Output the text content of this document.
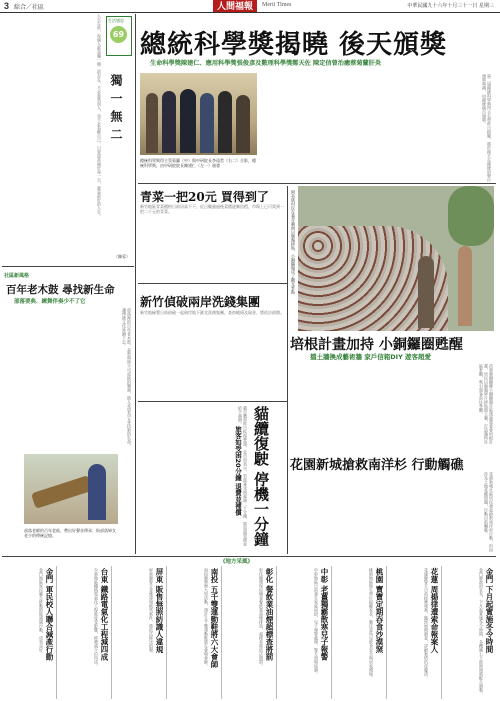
3 綜合／社區	人間福報	Merit Times	中華民國九十六年十月三十一日 星期三
人生在世，每個人都是獨一無二的存在，不必羨慕別人，也不必看輕自己。只要認真過好每一天，就是最好的人生。 生活感思
69
獨一無二
（陳蓉）
總統科學獎揭曉 後天頒獎
生命科學獎陳建仁、應用科學獎張俊彥及數理科學獎鄭天佐 陳定信曾治癒蔡菊蘭肝炎
總統科學獎得主蔡菊蘭（中）與中研院長李遠哲（右二）合影，總統科學獎，由中研院院長陳建仁（左一）頒發	第二屆總統科學獎得主名單昨日揭曉，將於後天在總統府舉行頒獎典禮，由總統親自頒獎。
青菜一把20元 買得到了
新竹地區青菜價格日前居高不下，近日颱風過後菜價逐漸回穩，市場上已可買到一把二十元的青菜。	阿美族村民在巷弄牆面以碗盤拼貼，小銅鑼圈成了觀光景點
培根計畫加持 小銅鑼圈甦醒
擋土牆換成藝術牆 家戶信箱DIY 遊客超愛
苗栗縣銅鑼鄉小銅鑼圈社區透過農委會培根計畫，居民以碗盤碎片拼貼擋土牆，打造獨特社區景觀，吸引遊客前往參觀。
新竹偵破兩岸洗錢集團
新竹地檢署日前偵破一起兩岸地下匯兌洗錢集團，查扣帳冊及現金，將依法偵辦。
社區新風格
百年老木鼓 尋找新生命
部落要典．練舞伴奏少不了它
部落裡的百年老木鼓，是祭典時不可或缺的樂器，族人希望為它尋找新的生命，讓傳統文化延續下去。
部落老師的百年老鼓，帶出好聲音傳承；盼部落婦女老少的傳統記憶。	貓空纜車昨日恢復營運，北市府表示，若旅客受困超過二十分鐘，將退還票價並給予補償。 貓纜復駛 停機一分鐘
旅客如受困20分鐘 退費並補償	花園新城搶救南洋杉 行動觸礁
花園新城社區居民發起搶救南洋杉行動，但因涉及土地產權問題，行動目前觸礁。
《地方采風》
金門 下月起實施冬令時間
金門縣政府宣布，下月起實施冬令時間，各機關上下班時間將配合調整。
花蓮 周揚律遭索命報案人
花蓮縣警方日前接獲報案，隨即展開調查，詳細案情仍待釐清。
桃園 寶寶定期吞食沙漠窯
桃園地區衛生單位提醒家長，應注意幼兒飲食安全與居家環境。
中彰 老薑獨霸散寒兒子報警
中彰地區日前發生家庭糾紛，兒子報警處理，警方到場協調。
彰化 餐飲業油煙超標查將罰
彰化縣環保局稽查餐飲業油煙排放，超標者將依法開罰。
南投 五千雙運動鞋將六大會師
南投縣舉辦大型活動，預計五千雙運動鞋將在會場會師。
屏東 販售無照紡識人違規
屏東縣警方查獲違規販售案件，將依法移送偵辦。
台東 鐵路電氣化工程減四成
台東地區鐵路電氣化工程進度受影響，經費減少約四成。
金門 軍民校人聯合減產行動
金門地區軍民聯合推動節能減碳行動，成效良好。
